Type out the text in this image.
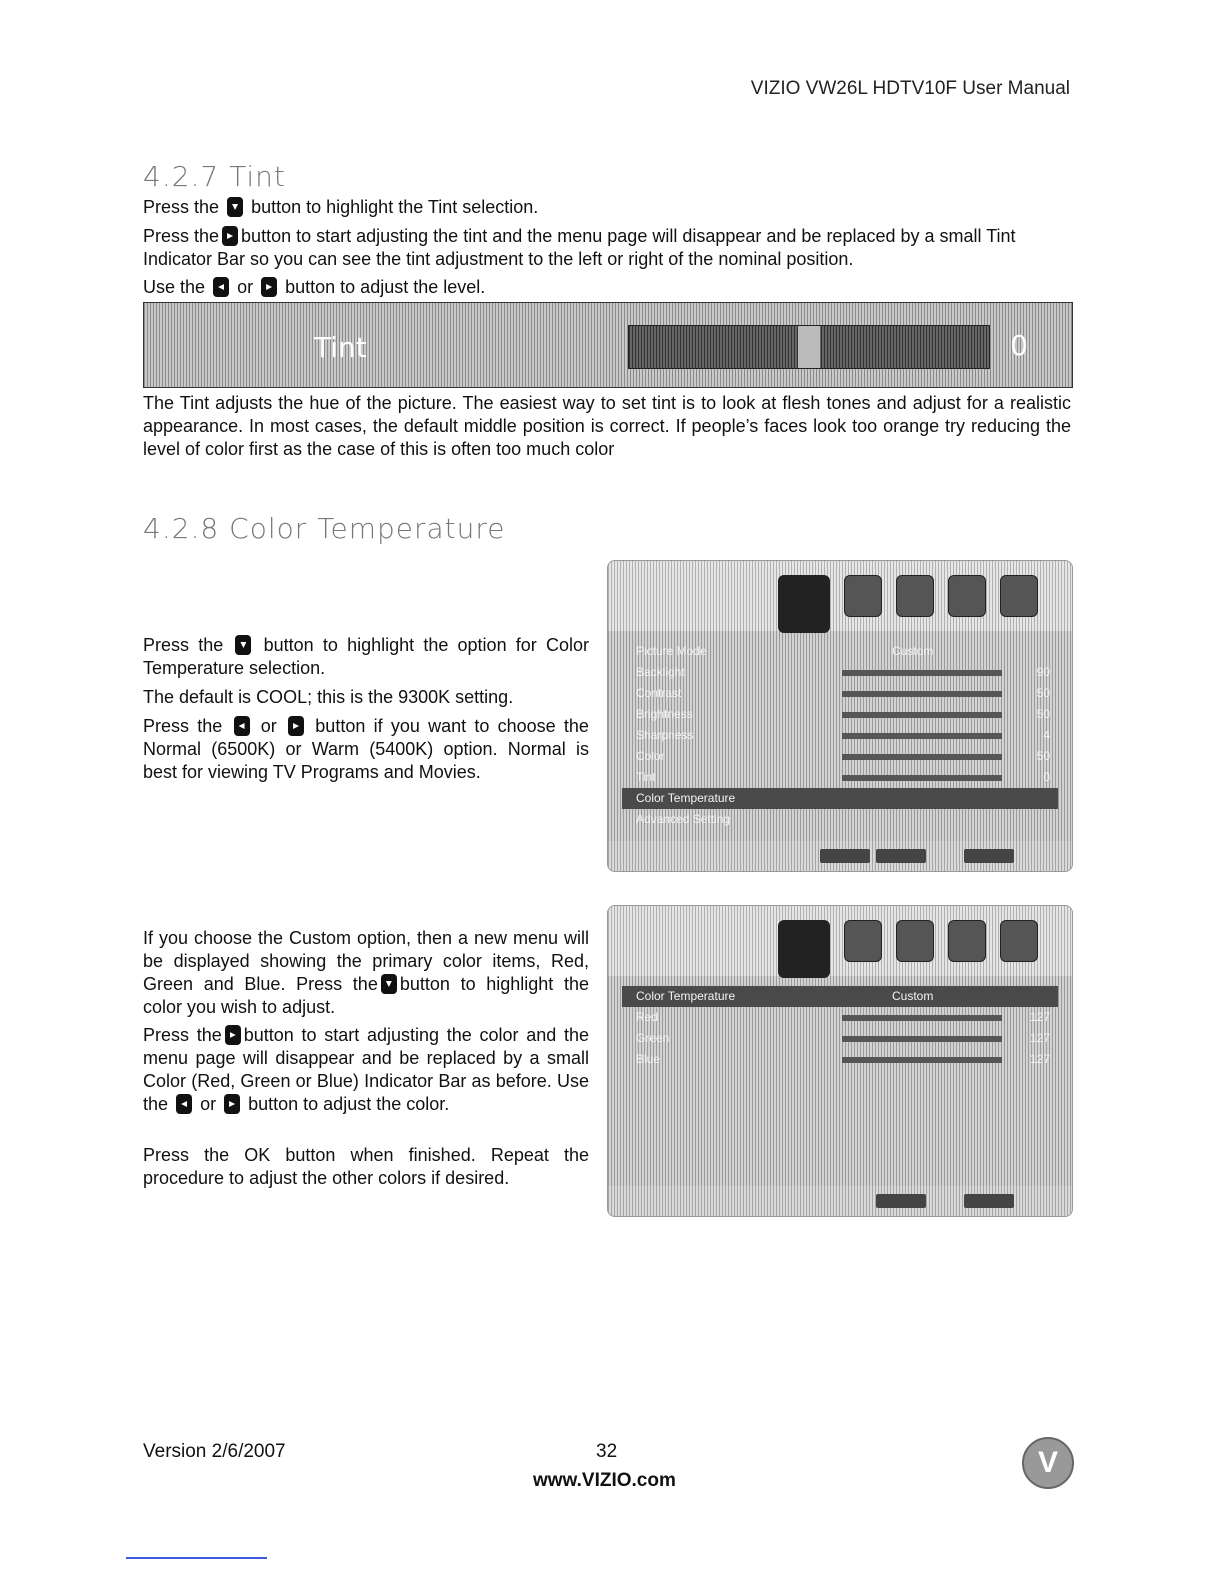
VIZIO VW26L HDTV10F User Manual
4.2.7 Tint

Press the button to highlight the Tint selection.

Press the button to start adjusting the tint and the menu page will disappear and be replaced by a small Tint Indicator Bar so you can see the tint adjustment to the left or right of the nominal position.

Use the or button to adjust the level.

Tint	0

The Tint adjusts the hue of the picture. The easiest way to set tint is to look at flesh tones and adjust for a realistic appearance. In most cases, the default middle position is correct. If people’s faces look too orange try reducing the level of color first as the case of this is often too much color

4.2.8 Color Temperature

Press the button to highlight the option for Color Temperature selection.

The default is COOL; this is the 9300K setting.

Press the or button if you want to choose the Normal (6500K) or Warm (5400K) option. Normal is best for viewing TV Programs and Movies.

If you choose the Custom option, then a new menu will be displayed showing the primary color items, Red, Green and Blue. Press the button to highlight the color you wish to adjust.

Press the button to start adjusting the color and the menu page will disappear and be replaced by a small Color (Red, Green or Blue) Indicator Bar as before. Use the or button to adjust the color.

Press the OK button when finished. Repeat the procedure to adjust the other colors if desired.

Picture Mode	Custom
Backlight	90
Contrast	50
Brightness	50
Sharpness	4
Color	50
Tint	0
Color Temperature
Advanced Setting
Color Temperature	Custom
Red	127
Green	127
Blue	127
Version 2/6/2007	32
www.VIZIO.com
V
